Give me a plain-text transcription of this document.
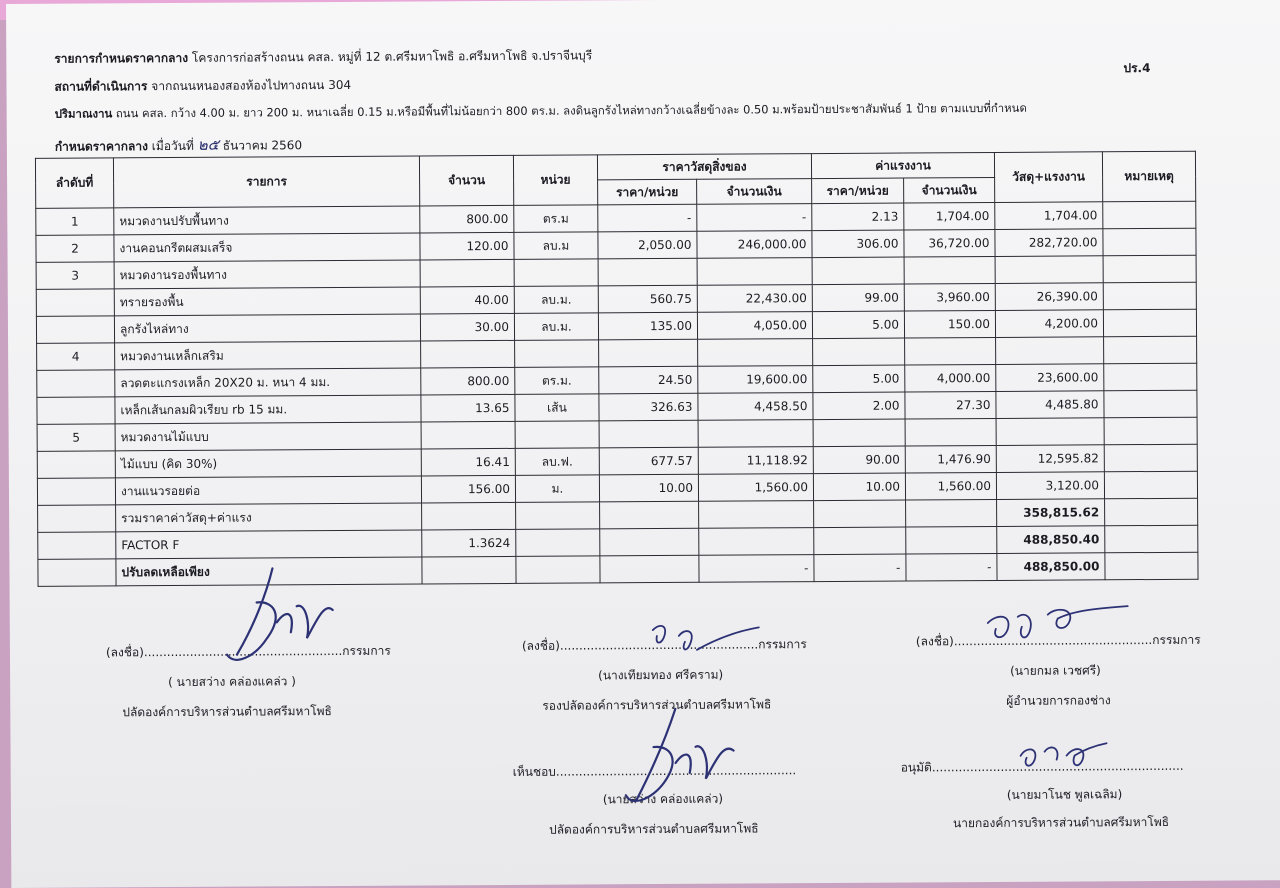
รายการกำหนดราคากลาง โครงการก่อสร้างถนน คสล. หมู่ที่ 12 ต.ศรีมหาโพธิ อ.ศรีมหาโพธิ จ.ปราจีนบุรี
ปร.4
สถานที่ดำเนินการ จากถนนหนองสองห้องไปทางถนน 304
ปริมาณงาน ถนน คสล. กว้าง 4.00 ม. ยาว 200 ม. หนาเฉลี่ย 0.15 ม.หรือมีพื้นที่ไม่น้อยกว่า 800 ตร.ม. ลงดินลูกรังไหล่ทางกว้างเฉลี่ยข้างละ 0.50 ม.พร้อมป้ายประชาสัมพันธ์ 1 ป้าย ตามแบบที่กำหนด
กำหนดราคากลาง เมื่อวันที่ ๒๕ ธันวาคม 2560
ลำดับที่	รายการ	จำนวน	หน่วย	ราคาวัสดุสิ่งของ		ค่าแรงงาน		วัสดุ+แรงงาน	หมายเหตุ
				ราคา/หน่วย	จำนวนเงิน	ราคา/หน่วย	จำนวนเงิน		
1	หมวดงานปรับพื้นทาง	800.00	ตร.ม	-	-	2.13	1,704.00	1,704.00	
2	งานคอนกรีตผสมเสร็จ	120.00	ลบ.ม	2,050.00	246,000.00	306.00	36,720.00	282,720.00	
3	หมวดงานรองพื้นทาง								
	ทรายรองพื้น	40.00	ลบ.ม.	560.75	22,430.00	99.00	3,960.00	26,390.00	
	ลูกรังไหล่ทาง	30.00	ลบ.ม.	135.00	4,050.00	5.00	150.00	4,200.00	
4	หมวดงานเหล็กเสริม								
	ลวดตะแกรงเหล็ก 20X20 ม. หนา 4 มม.	800.00	ตร.ม.	24.50	19,600.00	5.00	4,000.00	23,600.00	
	เหล็กเส้นกลมผิวเรียบ rb 15 มม.	13.65	เส้น	326.63	4,458.50	2.00	27.30	4,485.80	
5	หมวดงานไม้แบบ								
	ไม้แบบ (คิด 30%)	16.41	ลบ.ฟ.	677.57	11,118.92	90.00	1,476.90	12,595.82	
	งานแนวรอยต่อ	156.00	ม.	10.00	1,560.00	10.00	1,560.00	3,120.00	
	รวมราคาค่าวัสดุ+ค่าแรง							358,815.62	
	FACTOR F	1.3624						488,850.40	
	ปรับลดเหลือเพียง				-	-	-	488,850.00	
(ลงชื่อ)....................................................กรรมการ
( นายสว่าง คล่องแคล่ว )
ปลัดองค์การบริหารส่วนตำบลศรีมหาโพธิ
(ลงชื่อ)....................................................กรรมการ
(นางเทียมทอง ศรีคราม)
รองปลัดองค์การบริหารส่วนตำบลศรีมหาโพธิ
(ลงชื่อ)....................................................กรรมการ
(นายกมล เวชศรี)
ผู้อำนวยการกองช่าง
เห็นชอบ...............................................................
(นายสว่าง คล่องแคล่ว)
ปลัดองค์การบริหารส่วนตำบลศรีมหาโพธิ
อนุมัติ..................................................................
(นายมาโนช พูลเฉลิม)
นายกองค์การบริหารส่วนตำบลศรีมหาโพธิ
